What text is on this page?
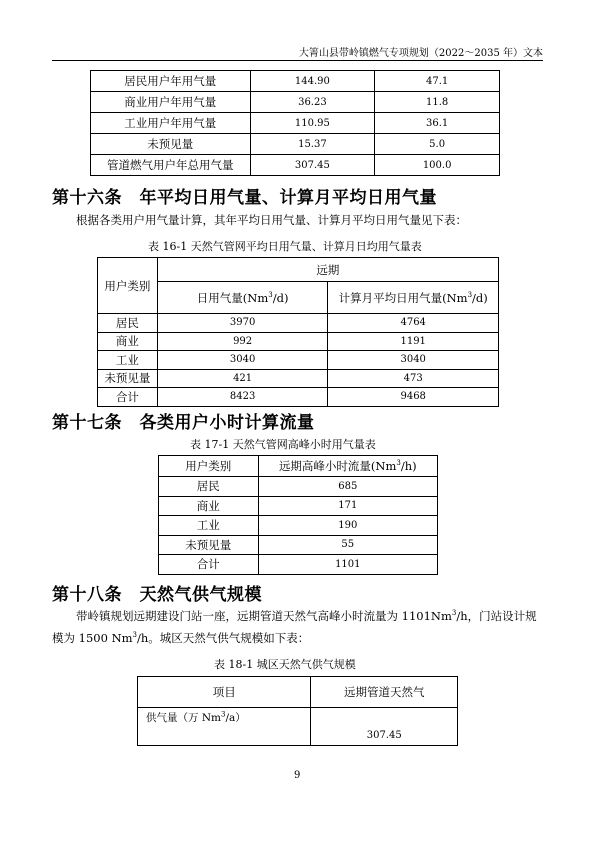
大箐山县带岭镇燃气专项规划（2022～2035 年）文本
居民用户年用气量	144.90	47.1
商业用户年用气量	36.23	11.8
工业用户年用气量	110.95	36.1
未预见量	15.37	5.0
管道燃气用户年总用气量	307.45	100.0
第十六条　年平均日用气量、计算月平均日用气量
根据各类用户用气量计算，其年平均日用气量、计算月平均日用气量见下表：
表 16-1 天然气管网平均日用气量、计算月日均用气量表
用户类别	远期	
	日用气量(Nm$^3$/d)	计算月平均日用气量(Nm$^3$/d)
居民	3970	4764
商业	992	1191
工业	3040	3040
未预见量	421	473
合计	8423	9468
第十七条　各类用户小时计算流量
表 17-1 天然气管网高峰小时用气量表
用户类别	远期高峰小时流量(Nm$^3$/h)
居民	685
商业	171
工业	190
未预见量	55
合计	1101
第十八条　天然气供气规模
带岭镇规划远期建设门站一座，远期管道天然气高峰小时流量为 1101Nm$^3$/h，门站设计规
模为 1500 Nm$^3$/h。城区天然气供气规模如下表：
表 18-1 城区天然气供气规模
项目	远期管道天然气
供气量（万 Nm$^3$/a）	307.45
9
